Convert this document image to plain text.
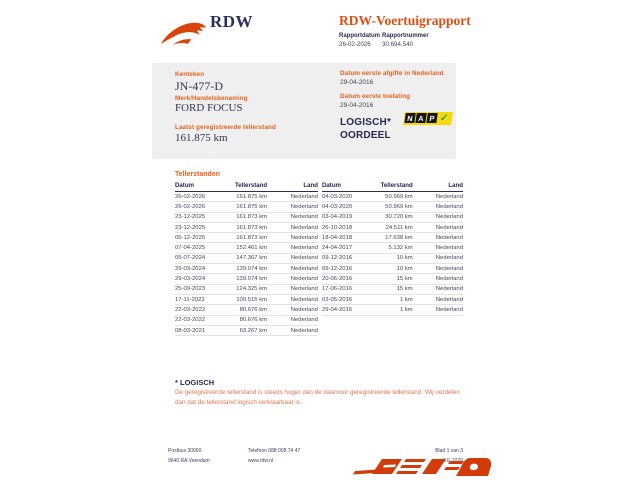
RDW	RDW-Voertuigrapport
Rapportdatum Rapportnummer
26-02-2026 30.694.540
Kenteken
JN-477-D
Merk/Handelsbenaming
FORD FOCUS
Laatst geregistreerde tellerstand
161.875 km
Datum eerste afgifte in Nederland
29-04-2016
Datum eerste toelating
29-04-2016
LOGISCH*
OORDEEL
N A P ✓
Tellerstanden
Datum	Tellerstand	Land
26-02-2026	161.875 km	Nederland
26-02-2026	161.875 km	Nederland
23-12-2025	161.873 km	Nederland
23-12-2025	161.873 km	Nederland
05-12-2025	161.873 km	Nederland
07-04-2025	152.461 km	Nederland
05-07-2024	147.367 km	Nederland
29-03-2024	139.074 km	Nederland
29-03-2024	139.074 km	Nederland
25-09-2023	124.325 km	Nederland
17-11-2022	100.515 km	Nederland
22-03-2022	80.676 km	Nederland
22-03-2022	80.676 km	Nederland
08-03-2021	63.267 km	Nederland
Datum	Tellerstand	Land
04-03-2020	50.969 km	Nederland
04-03-2020	50.969 km	Nederland
03-04-2019	30.720 km	Nederland
26-10-2018	24.511 km	Nederland
18-04-2018	17.638 km	Nederland
24-04-2017	5.132 km	Nederland
09-12-2016	10 km	Nederland
09-12-2016	10 km	Nederland
20-06-2016	15 km	Nederland
17-06-2016	15 km	Nederland
03-05-2016	1 km	Nederland
29-04-2016	1 km	Nederland
* LOGISCH
De geregistreerde tellerstand is steeds hoger dan de daarvoor geregistreerde tellerstand. Wij oordelen dan dat de tellerstand logisch verklaarbaar is.
Postbus 30000
9640 RA Veendam
Telefoon 088 008 74 47
www.rdw.nl
Blad 1 van 3
E
